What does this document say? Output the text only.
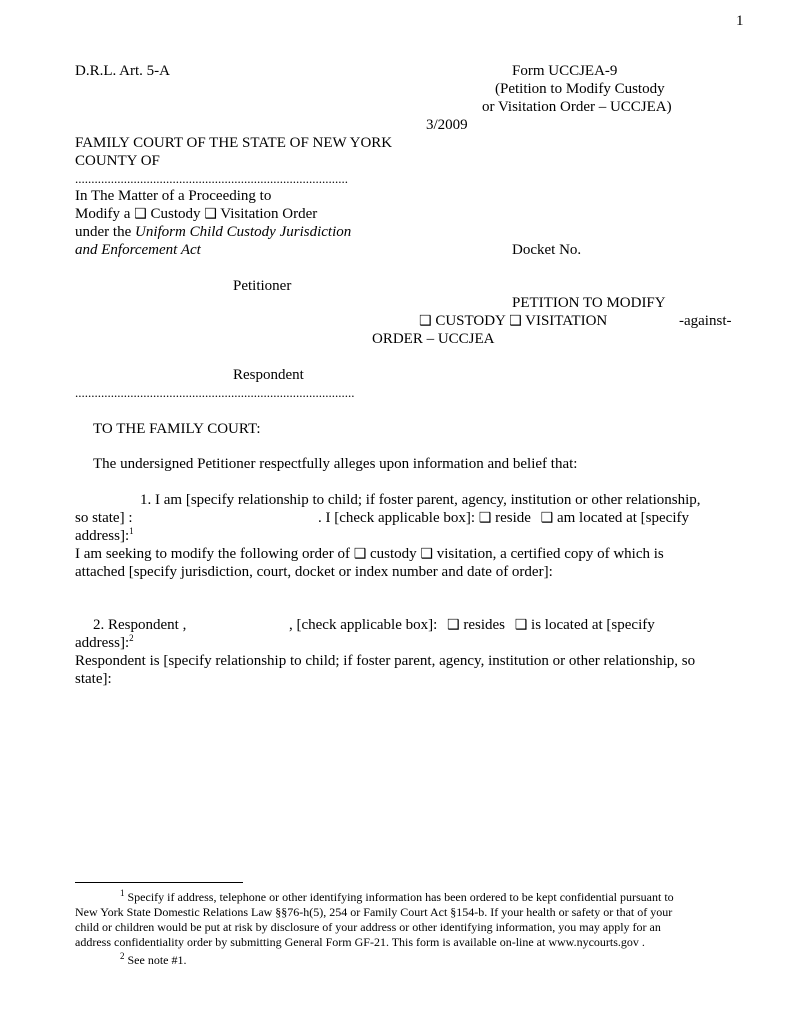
1
D.R.L. Art. 5-A	Form UCCJEA-9
(Petition to Modify Custody
or Visitation Order – UCCJEA)
3/2009
FAMILY COURT OF THE STATE OF NEW YORK
COUNTY OF
....................................................................................
In The Matter of a Proceeding to
Modify a ❑ Custody ❑ Visitation Order
under the Uniform Child Custody Jurisdiction
and Enforcement Act	Docket No.
Petitioner
PETITION TO MODIFY
❑ CUSTODY ❑ VISITATION	-against-
ORDER – UCCJEA
Respondent
......................................................................................
TO THE FAMILY COURT:
The undersigned Petitioner respectfully alleges upon information and belief that:
1. I am [specify relationship to child; if foster parent, agency, institution or other relationship,
so state] :	. I [check applicable box]: ❑ reside ❑ am located at [specify
address]:$^1$
I am seeking to modify the following order of ❑ custody ❑ visitation, a certified copy of which is
attached [specify jurisdiction, court, docket or index number and date of order]:
2. Respondent ,	, [check applicable box]: ❑ resides ❑ is located at [specify
address]:$^2$
Respondent is [specify relationship to child; if foster parent, agency, institution or other relationship, so
state]:
$^1$ Specify if address, telephone or other identifying information has been ordered to be kept confidential pursuant to
New York State Domestic Relations Law §§76-h(5), 254 or Family Court Act §154-b. If your health or safety or that of your
child or children would be put at risk by disclosure of your address or other identifying information, you may apply for an
address confidentiality order by submitting General Form GF-21. This form is available on-line at www.nycourts.gov .
$^2$ See note #1.
